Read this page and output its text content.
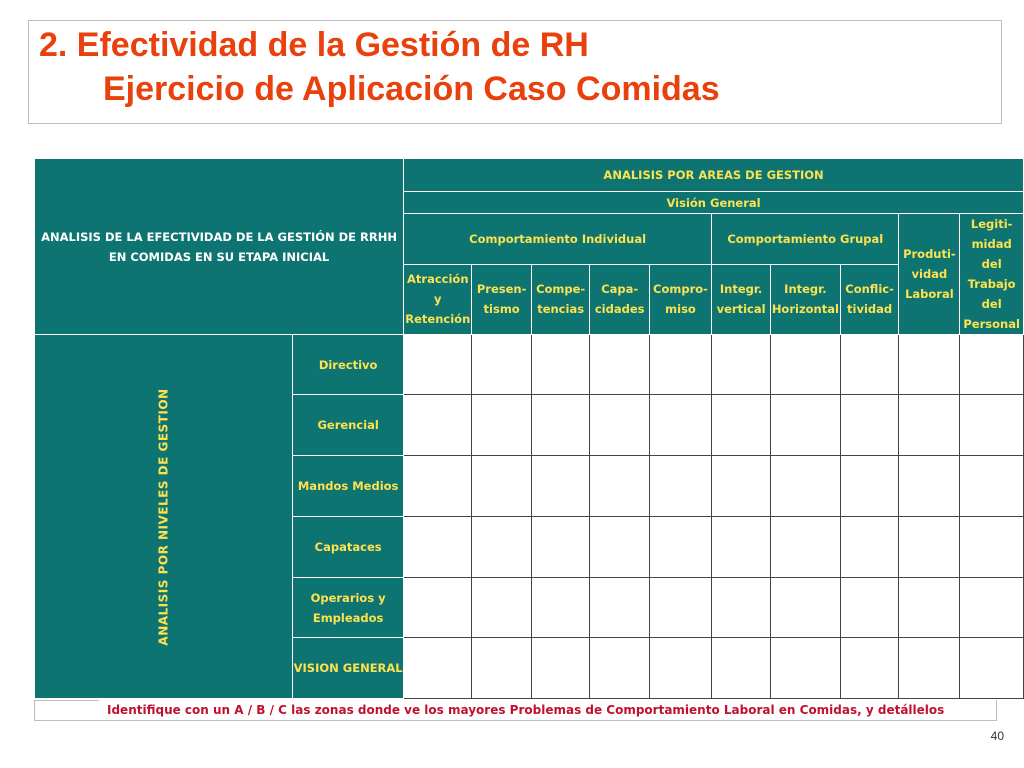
2. Efectividad de la Gestión de RH
Ejercicio de Aplicación Caso Comidas
ANALISIS DE LA EFECTIVIDAD DE LA GESTIÓN DE RRHH EN COMIDAS EN SU ETAPA INICIAL		ANALISIS POR AREAS DE GESTION									
		Visión General									
		Comportamiento Individual					Comportamiento Grupal			Produti-vidad Laboral	Legiti-midad del Trabajo del Personal
		Atracción y Retención	Presen-tismo	Compe-tencias	Capa-cidades	Compro-miso	Integr. vertical	Integr. Horizontal	Conflic-tividad		
ANALISIS POR NIVELES DE GESTION	Directivo										
	Gerencial										
	Mandos Medios										
	Capataces										
	Operarios y Empleados										
	VISION GENERAL										
Identifique con un A / B / C las zonas donde ve los mayores Problemas de Comportamiento Laboral en Comidas, y detállelos
40
